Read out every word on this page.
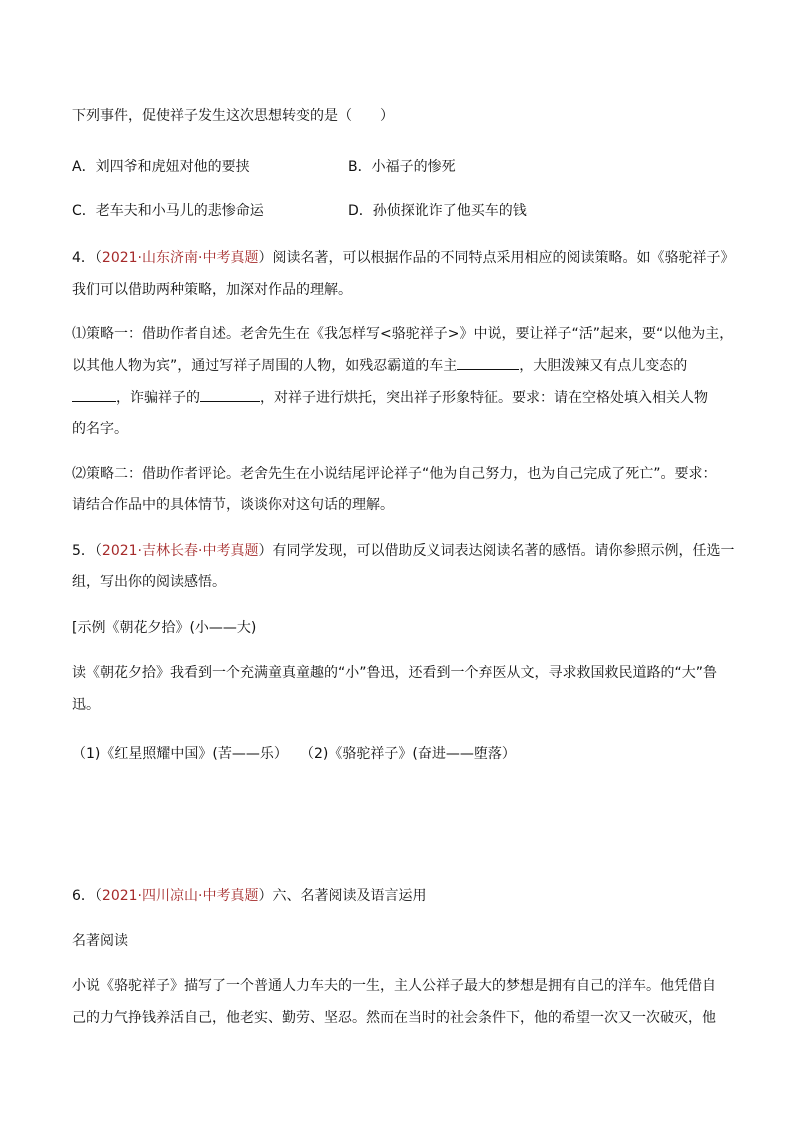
下列事件，促使祥子发生这次思想转变的是（　　）
A．刘四爷和虎妞对他的要挟	B．小福子的惨死
C．老车夫和小马儿的悲惨命运	D．孙侦探讹诈了他买车的钱
4．（2021·山东济南·中考真题）阅读名著，可以根据作品的不同特点采用相应的阅读策略。如《骆驼祥子》
我们可以借助两种策略，加深对作品的理解。
⑴策略一：借助作者自述。老舍先生在《我怎样写<骆驼祥子>》中说，要让祥子“活”起来，要“以他为主，
以其他人物为宾”，通过写祥子周围的人物，如残忍霸道的车主	，大胆泼辣又有点儿变态的
，诈骗祥子的	，对祥子进行烘托，突出祥子形象特征。要求：请在空格处填入相关人物
的名字。
⑵策略二：借助作者评论。老舍先生在小说结尾评论祥子“他为自己努力，也为自己完成了死亡”。要求：
请结合作品中的具体情节，谈谈你对这句话的理解。
5．（2021·吉林长春·中考真题）有同学发现，可以借助反义词表达阅读名著的感悟。请你参照示例，任选一
组，写出你的阅读感悟。
[示例《朝花夕拾》(小——大)
读《朝花夕拾》我看到一个充满童真童趣的“小”鲁迅，还看到一个弃医从文，寻求救国救民道路的“大”鲁
迅。
（1)《红星照耀中国》(苦——乐） （2)《骆驼祥子》(奋进——堕落）
6．（2021·四川凉山·中考真题）六、名著阅读及语言运用
名著阅读
小说《骆驼祥子》描写了一个普通人力车夫的一生，主人公祥子最大的梦想是拥有自己的洋车。他凭借自
己的力气挣钱养活自己，他老实、勤劳、坚忍。然而在当时的社会条件下，他的希望一次又一次破灭，他
